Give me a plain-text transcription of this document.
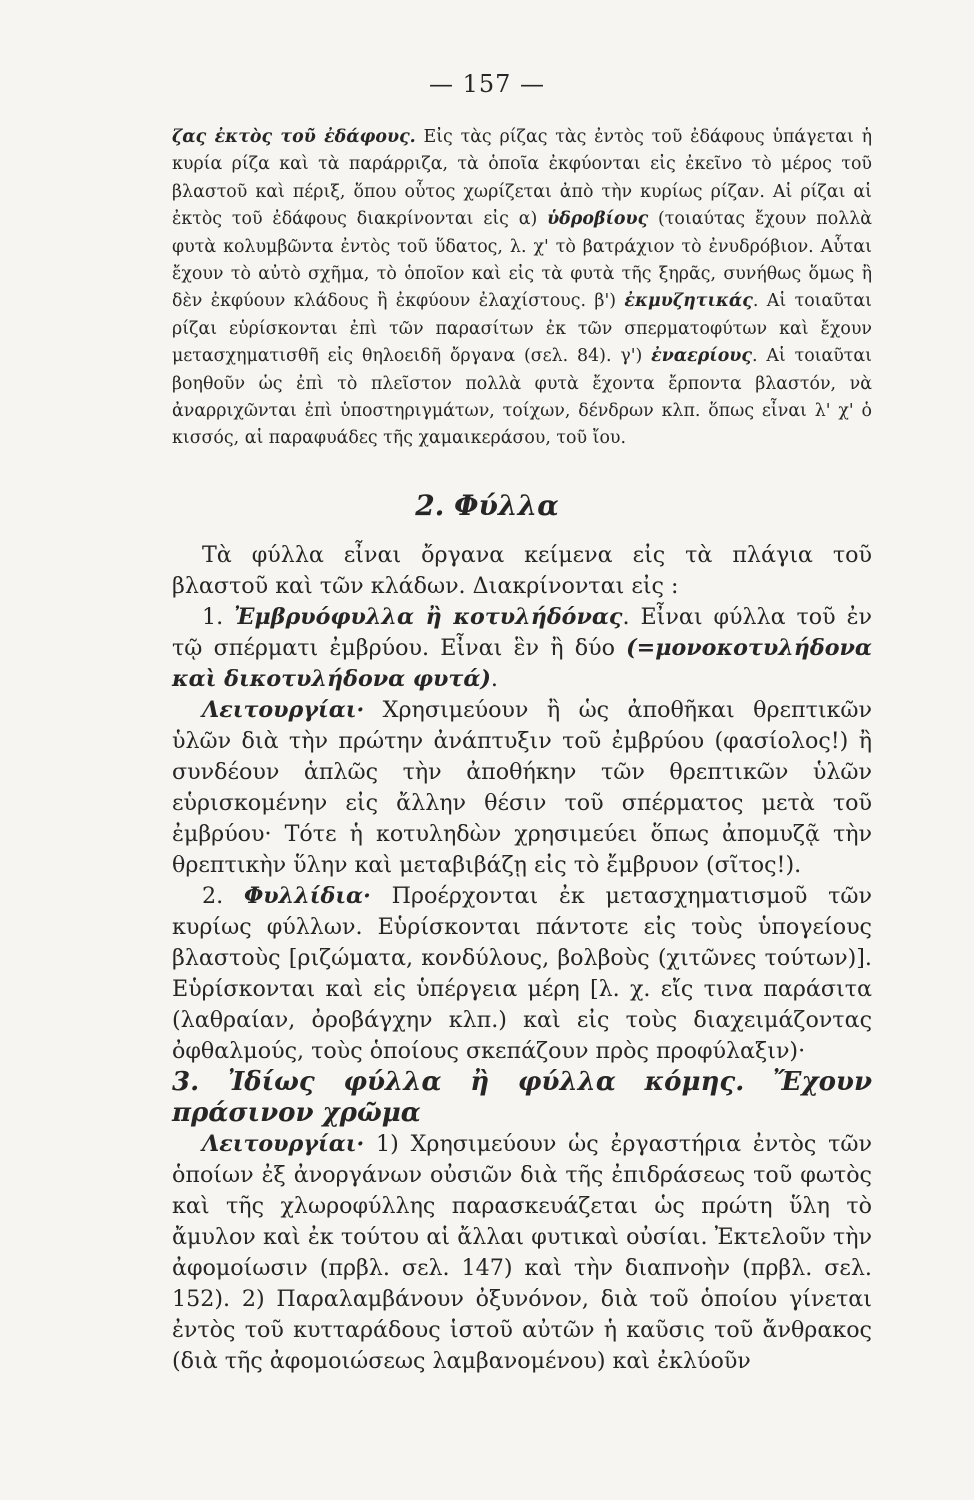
— 157 —

ζας ἐκτὸς τοῦ ἐδάφους. Εἰς τὰς ρίζας τὰς ἐντὸς τοῦ ἐδάφους ὑπάγεται ἡ κυρία ρίζα καὶ τὰ παράρριζα, τὰ ὁποῖα ἐκφύονται εἰς ἐκεῖνο τὸ μέρος τοῦ βλαστοῦ καὶ πέριξ, ὅπου οὗτος χωρίζεται ἀπὸ τὴν κυρίως ρίζαν. Αἱ ρίζαι αἱ ἐκτὸς τοῦ ἐδάφους διακρίνονται εἰς α) ὑδροβίους (τοιαύτας ἔχουν πολλὰ φυτὰ κολυμβῶντα ἐντὸς τοῦ ὕδατος, λ. χ' τὸ βατράχιον τὸ ἐνυδρόβιον. Αὗται ἔχουν τὸ αὐτὸ σχῆμα, τὸ ὁποῖον καὶ εἰς τὰ φυτὰ τῆς ξηρᾶς, συνήθως ὅμως ἢ δὲν ἐκφύουν κλάδους ἢ ἐκφύουν ἐλαχίστους. β') ἐκμυζητικάς. Αἱ τοιαῦται ρίζαι εὑρίσκονται ἐπὶ τῶν παρασίτων ἐκ τῶν σπερματοφύτων καὶ ἔχουν μετασχηματισθῆ εἰς θηλοειδῆ ὄργανα (σελ. 84). γ') ἐναερίους. Αἱ τοιαῦται βοηθοῦν ὡς ἐπὶ τὸ πλεῖστον πολλὰ φυτὰ ἔχοντα ἔρποντα βλαστόν, νὰ ἀναρριχῶνται ἐπὶ ὑποστηριγμάτων, τοίχων, δένδρων κλπ. ὅπως εἶναι λ' χ' ὁ κισσός, αἱ παραφυάδες τῆς χαμαικεράσου, τοῦ ἴου.

2. Φύλλα

Τὰ φύλλα εἶναι ὄργανα κείμενα εἰς τὰ πλάγια τοῦ βλαστοῦ καὶ τῶν κλάδων. Διακρίνονται εἰς :

1. Ἐμβρυόφυλλα ἢ κοτυλήδόνας. Εἶναι φύλλα τοῦ ἐν τῷ σπέρματι ἐμβρύου. Εἶναι ἓν ἢ δύο (=μονοκοτυλήδονα καὶ δικοτυλήδονα φυτά).

Λειτουργίαι· Χρησιμεύουν ἢ ὡς ἀποθῆκαι θρεπτικῶν ὑλῶν διὰ τὴν πρώτην ἀνάπτυξιν τοῦ ἐμβρύου (φασίολος!) ἢ συνδέουν ἁπλῶς τὴν ἀποθήκην τῶν θρεπτικῶν ὑλῶν εὑρισκομένην εἰς ἄλλην θέσιν τοῦ σπέρματος μετὰ τοῦ ἐμβρύου· Τότε ἡ κοτυληδὼν χρησιμεύει ὅπως ἀπομυζᾷ τὴν θρεπτικὴν ὕλην καὶ μεταβιβάζῃ εἰς τὸ ἔμβρυον (σῖτος!).

2. Φυλλίδια· Προέρχονται ἐκ μετασχηματισμοῦ τῶν κυρίως φύλλων. Εὑρίσκονται πάντοτε εἰς τοὺς ὑπογείους βλαστοὺς [ριζώματα, κονδύλους, βολβοὺς (χιτῶνες τούτων)]. Εὑρίσκονται καὶ εἰς ὑπέργεια μέρη [λ. χ. εἴς τινα παράσιτα (λαθραίαν, ὀροβάγχην κλπ.) καὶ εἰς τοὺς διαχειμάζοντας ὀφθαλμούς, τοὺς ὁποίους σκεπάζουν πρὸς προφύλαξιν)·

3. Ἰδίως φύλλα ἢ φύλλα κόμης. Ἔχουν πράσινον χρῶμα

Λειτουργίαι· 1) Χρησιμεύουν ὡς ἐργαστήρια ἐντὸς τῶν ὁποίων ἐξ ἀνοργάνων οὐσιῶν διὰ τῆς ἐπιδράσεως τοῦ φωτὸς καὶ τῆς χλωροφύλλης παρασκευάζεται ὡς πρώτη ὕλη τὸ ἄμυλον καὶ ἐκ τούτου αἱ ἄλλαι φυτικαὶ οὐσίαι. Ἐκτελοῦν τὴν ἀφομοίωσιν (πρβλ. σελ. 147) καὶ τὴν διαπνοὴν (πρβλ. σελ. 152). 2) Παραλαμβάνουν ὀξυνόνον, διὰ τοῦ ὁποίου γίνεται ἐντὸς τοῦ κυτταράδους ἱστοῦ αὐτῶν ἡ καῦσις τοῦ ἄνθρακος (διὰ τῆς ἀφομοιώσεως λαμβανομένου) καὶ ἐκλύοῦν
